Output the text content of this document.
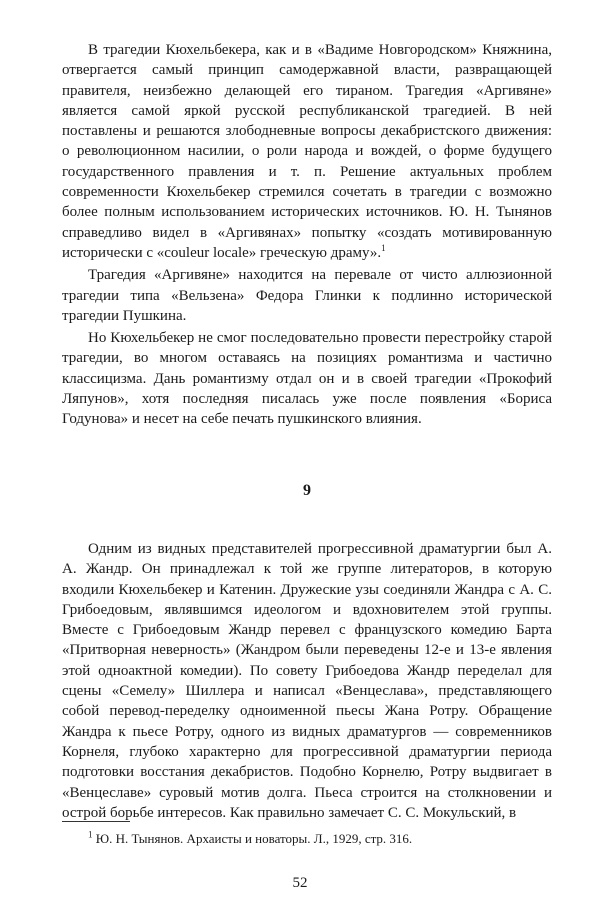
В трагедии Кюхельбекера, как и в «Вадиме Новгородском» Княжнина, отвергается самый принцип самодержавной власти, развращающей правителя, неизбежно делающей его тираном. Трагедия «Аргивяне» является самой яркой русской республиканской трагедией. В ней поставлены и решаются злободневные вопросы декабристского движения: о революционном насилии, о роли народа и вождей, о форме будущего государственного правления и т. п. Решение актуальных проблем современности Кюхельбекер стремился сочетать в трагедии с возможно более полным использованием исторических источников. Ю. Н. Тынянов справедливо видел в «Аргивянах» попытку «создать мотивированную исторически с «couleur locale» греческую драму».$^1$

Трагедия «Аргивяне» находится на перевале от чисто аллюзионной трагедии типа «Вельзена» Федора Глинки к подлинно исторической трагедии Пушкина.

Но Кюхельбекер не смог последовательно провести перестройку старой трагедии, во многом оставаясь на позициях романтизма и частично классицизма. Дань романтизму отдал он и в своей трагедии «Прокофий Ляпунов», хотя последняя писалась уже после появления «Бориса Годунова» и несет на себе печать пушкинского влияния.

9

Одним из видных представителей прогрессивной драматургии был А. А. Жандр. Он принадлежал к той же группе литераторов, в которую входили Кюхельбекер и Катенин. Дружеские узы соединяли Жандра с А. С. Грибоедовым, являвшимся идеологом и вдохновителем этой группы. Вместе с Грибоедовым Жандр перевел с французского комедию Барта «Притворная неверность» (Жандром были переведены 12-е и 13-е явления этой одноактной комедии). По совету Грибоедова Жандр переделал для сцены «Семелу» Шиллера и написал «Венцеслава», представляющего собой перевод-переделку одноименной пьесы Жана Ротру. Обращение Жандра к пьесе Ротру, одного из видных драматургов — современников Корнеля, глубоко характерно для прогрессивной драматургии периода подготовки восстания декабристов. Подобно Корнелю, Ротру выдвигает в «Венцеславе» суровый мотив долга. Пьеса строится на столкновении и острой борьбе интересов. Как правильно замечает С. С. Мокульский, в

$^1$ Ю. Н. Тынянов. Архаисты и новаторы. Л., 1929, стр. 316.

52
